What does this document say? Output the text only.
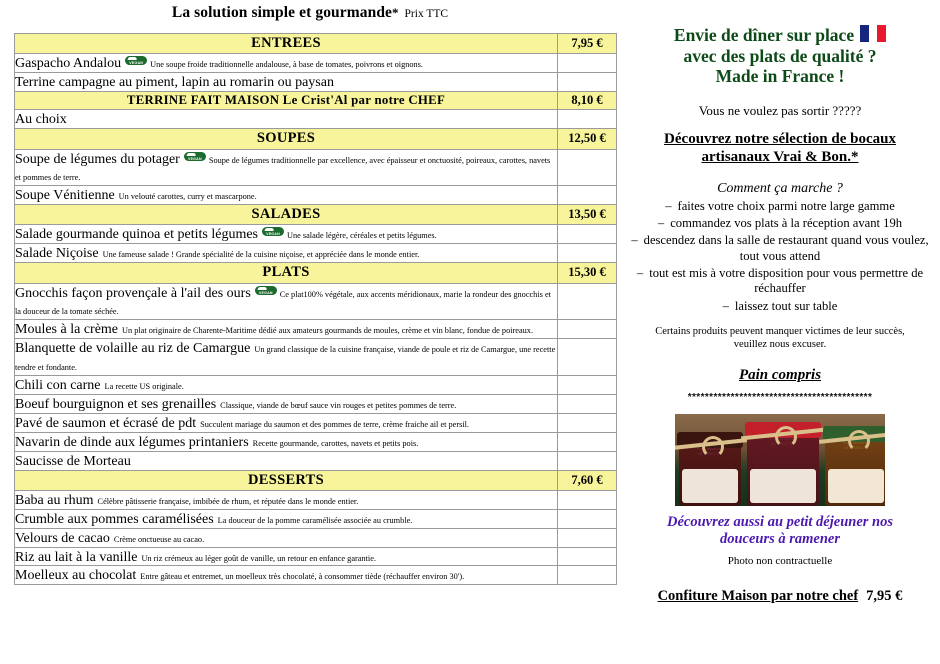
La solution simple et gourmande* Prix TTC
ENTREES	7,95 €
Gaspacho Andalou VEGAN Une soupe froide traditionnelle andalouse, à base de tomates, poivrons et oignons.	
Terrine campagne au piment, lapin au romarin ou paysan	
TERRINE FAIT MAISON Le Crist'Al par notre CHEF	8,10 €
Au choix	
SOUPES	12,50 €
Soupe de légumes du potager VEGAN Soupe de légumes traditionnelle par excellence, avec épaisseur et onctuosité, poireaux, carottes, navets et pommes de terre.	
Soupe Vénitienne Un velouté carottes, curry et mascarpone.	
SALADES	13,50 €
Salade gourmande quinoa et petits légumes VEGAN Une salade légère, céréales et petits légumes.	
Salade Niçoise Une fameuse salade ! Grande spécialité de la cuisine niçoise, et appréciée dans le monde entier.	
PLATS	15,30 €
Gnocchis façon provençale à l'ail des ours VEGAN Ce plat100% végétale, aux accents méridionaux, marie la rondeur des gnocchis et la douceur de la tomate séchée.	
Moules à la crème Un plat originaire de Charente-Maritime dédié aux amateurs gourmands de moules, crème et vin blanc, fondue de poireaux.	
Blanquette de volaille au riz de Camargue Un grand classique de la cuisine française, viande de poule et riz de Camargue, une recette tendre et fondante.	
Chili con carne La recette US originale.	
Boeuf bourguignon et ses grenailles Classique, viande de bœuf sauce vin rouges et petites pommes de terre.	
Pavé de saumon et écrasé de pdt Succulent mariage du saumon et des pommes de terre, crème fraiche ail et persil.	
Navarin de dinde aux légumes printaniers Recette gourmande, carottes, navets et petits pois.	
Saucisse de Morteau	
DESSERTS	7,60 €
Baba au rhum Célèbre pâtisserie française, imbibée de rhum, et réputée dans le monde entier.	
Crumble aux pommes caramélisées La douceur de la pomme caramélisée associée au crumble.	
Velours de cacao Crème onctueuse au cacao.	
Riz au lait à la vanille Un riz crémeux au léger goût de vanille, un retour en enfance garantie.	
Moelleux au chocolat Entre gâteau et entremet, un moelleux très chocolaté, à consommer tiède (réchauffer environ 30').	
Envie de dîner sur place

avec des plats de qualité ?
Made in France !
Vous ne voulez pas sortir ?????
Découvrez notre sélection de bocaux
artisanaux Vrai & Bon.*
Comment ça marche ?
– faites votre choix parmi notre large gamme
– commandez vos plats à la réception avant 19h
– descendez dans la salle de restaurant quand vous voulez, tout vous attend
– tout est mis à votre disposition pour vous permettre de réchauffer
– laissez tout sur table
Certains produits peuvent manquer victimes de leur succès,
veuillez nous excuser.
Pain compris
*******************************************

FAIT MAISON
LE CRIST'AL

FAIT MAISON
LE CRIST'AL	FAIT MAISON
LE CRIST'AL
Découvrez aussi au petit déjeuner nos
douceurs à ramener
Photo non contractuelle
Confiture Maison par notre chef 7,95 €
